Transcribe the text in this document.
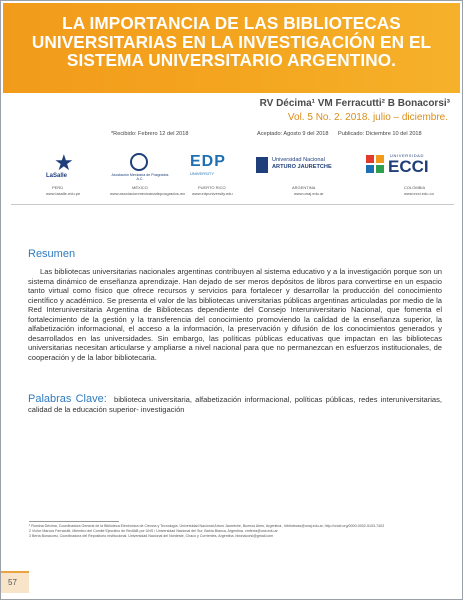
LA IMPORTANCIA DE LAS BIBLIOTECAS UNIVERSITARIAS EN LA INVESTIGACIÓN EN EL SISTEMA UNIVERSITARIO ARGENTINO.
RV Décima¹ VM Ferracutti² B Bonacorsi³
Vol. 5 No. 2. 2018. julio – diciembre.
*Recibido: Febrero 12 del 2018	Aceptado: Agosto 9 del 2018 Publicado: Diciembre 10 del 2018
★
LaSalle
PERÚ
www.lasalle.edu.pe
Asociación Mexicana de Posgrados A.C.
MÉXICO
www.asociacionmexicanadeposgrados.mx
EDP
UNIVERSITY
PUERTO RICO
www.edpuniversity.edu
Universidad Nacional
ARTURO JAURETCHE
ARGENTINA
www.unaj.edu.ar
UNIVERSIDAD
ECCI
COLOMBIA
www.ecci.edu.co
Resumen

Las bibliotecas universitarias nacionales argentinas contribuyen al sistema educativo y a la investigación porque son un sistema dinámico de enseñanza aprendizaje. Han dejado de ser meros depósitos de libros para convertirse en un espacio tanto virtual como físico que ofrece recursos y servicios para fortalecer y desarrollar la producción del conocimiento científico y académico. Se presenta el valor de las bibliotecas universitarias públicas argentinas articuladas por medio de la Red Interuniversitaria Argentina de Bibliotecas dependiente del Consejo Interuniversitario Nacional, que fomenta el fortalecimiento de la gestión y la transferencia del conocimiento promoviendo la calidad de la enseñanza superior, la alfabetización informacional, el acceso a la información, la preservación y difusión de los conocimientos generados y desarrollados en las universidades. Sin embargo, las políticas públicas educativas que impactan en las bibliotecas universitarias necesitan articularse y ampliarse a nivel nacional para que no permanezcan en esfuerzos institucionales, de cooperación y de la labor bibliotecaria.

Palabras Clave: biblioteca universitaria, alfabetización informacional, políticas públicas, redes interuniversitarias, calidad de la educación superior- investigación

¹ Romina Décima, Coordinadora General de la Biblioteca Electrónica de Ciencia y Tecnología. Universidad Nacional Arturo Jauretche, Buenos Aires, Argentina., bibliotecas@unaj.edu.ar, http://orcid.org/0000-0002-5103-7403
2 Víctor Marcos Ferracutti, Miembro del Comité Ejecutivo de RedIAB por UNS / Universidad Nacional del Sur, Bahía Blanca, Argentina. vmferra@uns.edu.ar
3 Berta Bonacorsi, Coordinadora del Repositorio Institucional. Universidad Nacional del Nordeste, Chaco y Corrientes, Argentina. bbonacorsi@gmail.com
57
